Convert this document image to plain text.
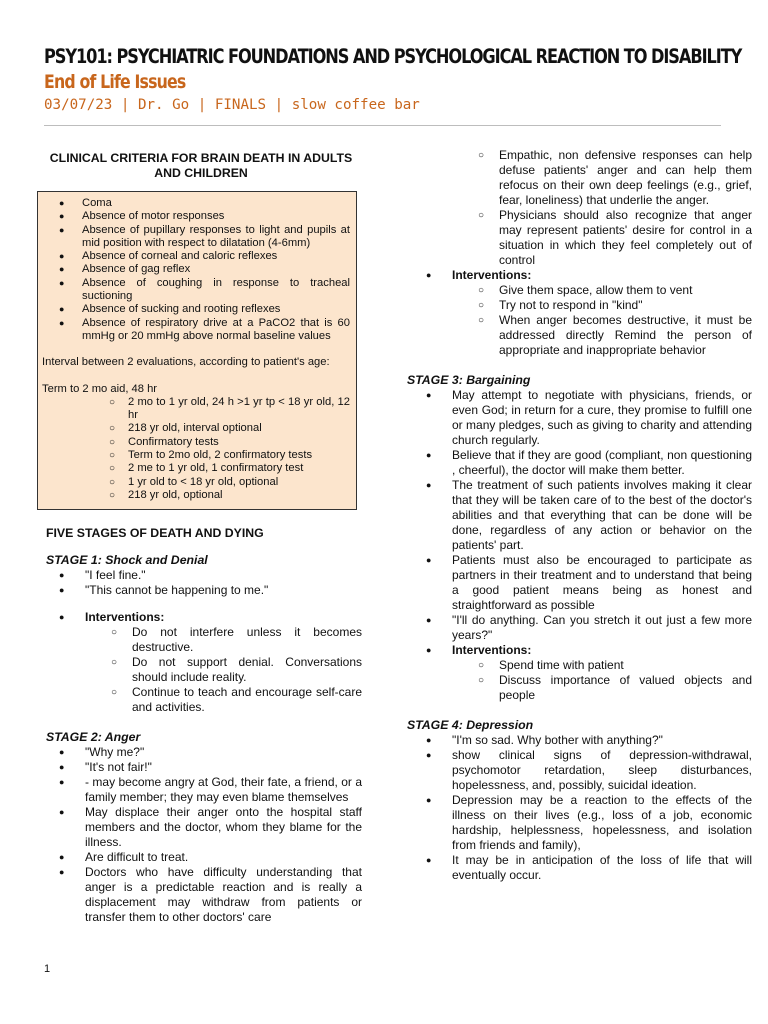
PSY101: PSYCHIATRIC FOUNDATIONS AND PSYCHOLOGICAL REACTION TO DISABILITY
End of Life Issues
03/07/23 | Dr. Go | FINALS | slow coffee bar
CLINICAL CRITERIA FOR BRAIN DEATH IN ADULTS AND CHILDREN
● Coma
● Absence of motor responses
● Absence of pupillary responses to light and pupils at mid position with respect to dilatation (4-6mm)
● Absence of corneal and caloric reflexes
● Absence of gag reflex
● Absence of coughing in response to tracheal suctioning
● Absence of sucking and rooting reflexes
● Absence of respiratory drive at a PaCO2 that is 60 mmHg or 20 mmHg above normal baseline values

Interval between 2 evaluations, according to patient's age:

Term to 2 mo aid, 48 hr

○ 2 mo to 1 yr old, 24 h >1 yr tp < 18 yr old, 12 hr
○ 218 yr old, interval optional
○ Confirmatory tests
○ Term to 2mo old, 2 confirmatory tests
○ 2 me to 1 yr old, 1 confirmatory test
○ 1 yr old to < 18 yr old, optional
○ 218 yr old, optional
FIVE STAGES OF DEATH AND DYING
STAGE 1: Shock and Denial
● "I feel fine."
● "This cannot be happening to me."
● Interventions:
○ Do not interfere unless it becomes destructive.
○ Do not support denial. Conversations should include reality.
○ Continue to teach and encourage self-care and activities.
STAGE 2: Anger
● "Why me?"
● "It's not fair!"
● - may become angry at God, their fate, a friend, or a family member; they may even blame themselves
● May displace their anger onto the hospital staff members and the doctor, whom they blame for the illness.
● Are difficult to treat.
● Doctors who have difficulty understanding that anger is a predictable reaction and is really a displacement may withdraw from patients or transfer them to other doctors' care
○ Empathic, non defensive responses can help defuse patients' anger and can help them refocus on their own deep feelings (e.g., grief, fear, loneliness) that underlie the anger.
○ Physicians should also recognize that anger may represent patients' desire for control in a situation in which they feel completely out of control
● Interventions:
○ Give them space, allow them to vent
○ Try not to respond in "kind"
○ When anger becomes destructive, it must be addressed directly Remind the person of appropriate and inappropriate behavior
STAGE 3: Bargaining
● May attempt to negotiate with physicians, friends, or even God; in return for a cure, they promise to fulfill one or many pledges, such as giving to charity and attending church regularly.
● Believe that if they are good (compliant, non questioning , cheerful), the doctor will make them better.
● The treatment of such patients involves making it clear that they will be taken care of to the best of the doctor's abilities and that everything that can be done will be done, regardless of any action or behavior on the patients' part.
● Patients must also be encouraged to participate as partners in their treatment and to understand that being a good patient means being as honest and straightforward as possible
● "I'll do anything. Can you stretch it out just a few more years?"
● Interventions:
○ Spend time with patient
○ Discuss importance of valued objects and people
STAGE 4: Depression
● "I'm so sad. Why bother with anything?"
● show clinical signs of depression-withdrawal, psychomotor retardation, sleep disturbances, hopelessness, and, possibly, suicidal ideation.
● Depression may be a reaction to the effects of the illness on their lives (e.g., loss of a job, economic hardship, helplessness, hopelessness, and isolation from friends and family),
● It may be in anticipation of the loss of life that will eventually occur.
1
